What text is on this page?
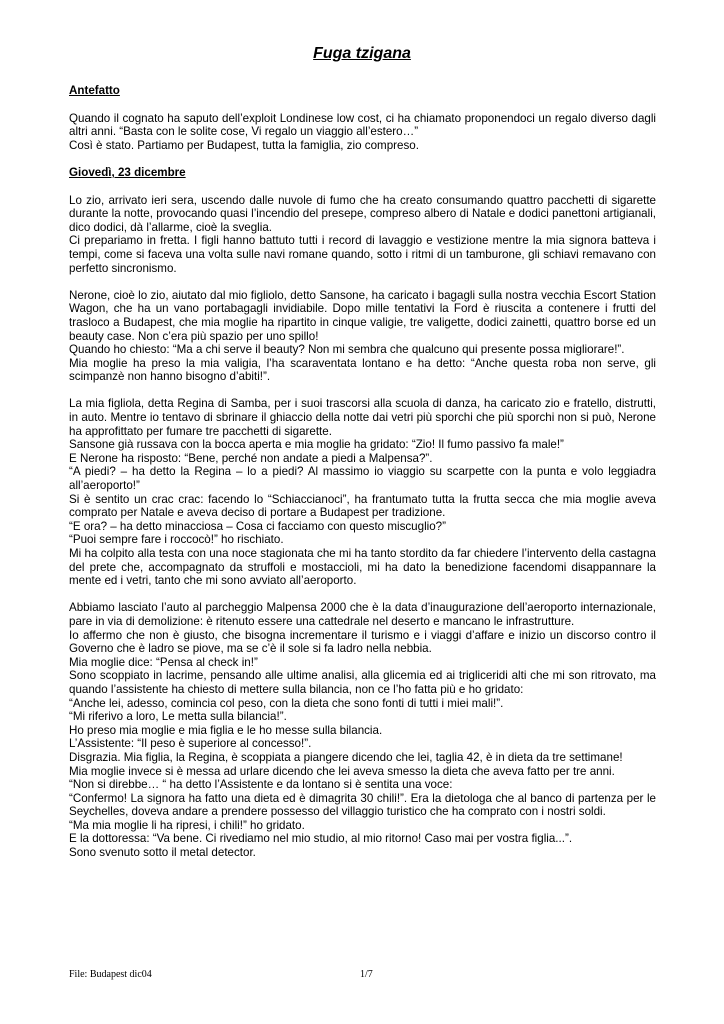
Fuga tzigana
Antefatto

Quando il cognato ha saputo dell’exploit Londinese low cost, ci ha chiamato proponendoci un regalo diverso dagli altri anni. “Basta con le solite cose, Vi regalo un viaggio all’estero…”

Così è stato. Partiamo per Budapest, tutta la famiglia, zio compreso.

Giovedì, 23 dicembre

Lo zio, arrivato ieri sera, uscendo dalle nuvole di fumo che ha creato consumando quattro pacchetti di sigarette durante la notte, provocando quasi l’incendio del presepe, compreso albero di Natale e dodici panettoni artigianali, dico dodici, dà l’allarme, cioè la sveglia.

Ci prepariamo in fretta. I figli hanno battuto tutti i record di lavaggio e vestizione mentre la mia signora batteva i tempi, come si faceva una volta sulle navi romane quando, sotto i ritmi di un tamburone, gli schiavi remavano con perfetto sincronismo.

Nerone, cioè lo zio, aiutato dal mio figliolo, detto Sansone, ha caricato i bagagli sulla nostra vecchia Escort Station Wagon, che ha un vano portabagagli invidiabile. Dopo mille tentativi la Ford è riuscita a contenere i frutti del trasloco a Budapest, che mia moglie ha ripartito in cinque valigie, tre valigette, dodici zainetti, quattro borse ed un beauty case. Non c’era più spazio per uno spillo!

Quando ho chiesto: “Ma a chi serve il beauty? Non mi sembra che qualcuno qui presente possa migliorare!”.

Mia moglie ha preso la mia valigia, l’ha scaraventata lontano e ha detto: “Anche questa roba non serve, gli scimpanzè non hanno bisogno d’abiti!”.

La mia figliola, detta Regina di Samba, per i suoi trascorsi alla scuola di danza, ha caricato zio e fratello, distrutti, in auto. Mentre io tentavo di sbrinare il ghiaccio della notte dai vetri più sporchi che più sporchi non si può, Nerone ha approfittato per fumare tre pacchetti di sigarette.

Sansone già russava con la bocca aperta e mia moglie ha gridato: “Zio! Il fumo passivo fa male!”

E Nerone ha risposto: “Bene, perché non andate a piedi a Malpensa?”.

“A piedi? – ha detto la Regina – lo a piedi? Al massimo io viaggio su scarpette con la punta e volo leggiadra all’aeroporto!”

Si è sentito un crac crac: facendo lo “Schiaccianoci”, ha frantumato tutta la frutta secca che mia moglie aveva comprato per Natale e aveva deciso di portare a Budapest per tradizione.

“E ora? – ha detto minacciosa – Cosa ci facciamo con questo miscuglio?”

“Puoi sempre fare i roccocò!” ho rischiato.

Mi ha colpito alla testa con una noce stagionata che mi ha tanto stordito da far chiedere l’intervento della castagna del prete che, accompagnato da struffoli e mostaccioli, mi ha dato la benedizione facendomi disappannare la mente ed i vetri, tanto che mi sono avviato all’aeroporto.

Abbiamo lasciato l’auto al parcheggio Malpensa 2000 che è la data d’inaugurazione dell’aeroporto internazionale, pare in via di demolizione: è ritenuto essere una cattedrale nel deserto e mancano le infrastrutture.

Io affermo che non è giusto, che bisogna incrementare il turismo e i viaggi d’affare e inizio un discorso contro il Governo che è ladro se piove, ma se c’è il sole si fa ladro nella nebbia.

Mia moglie dice: “Pensa al check in!”

Sono scoppiato in lacrime, pensando alle ultime analisi, alla glicemia ed ai trigliceridi alti che mi son ritrovato, ma quando l’assistente ha chiesto di mettere sulla bilancia, non ce l’ho fatta più e ho gridato:

“Anche lei, adesso, comincia col peso, con la dieta che sono fonti di tutti i miei mali!”.

“Mi riferivo a loro, Le metta sulla bilancia!”.

Ho preso mia moglie e mia figlia e le ho messe sulla bilancia.

L’Assistente: “Il peso è superiore al concesso!”.

Disgrazia. Mia figlia, la Regina, è scoppiata a piangere dicendo che lei, taglia 42, è in dieta da tre settimane!

Mia moglie invece si è messa ad urlare dicendo che lei aveva smesso la dieta che aveva fatto per tre anni.

“Non si direbbe… “ ha detto l’Assistente e da lontano si è sentita una voce:

“Confermo! La signora ha fatto una dieta ed è dimagrita 30 chili!”. Era la dietologa che al banco di partenza per le Seychelles, doveva andare a prendere possesso del villaggio turistico che ha comprato con i nostri soldi.

“Ma mia moglie li ha ripresi, i chili!” ho gridato.

E la dottoressa: “Va bene. Ci rivediamo nel mio studio, al mio ritorno! Caso mai per vostra figlia...”.

Sono svenuto sotto il metal detector.

File: Budapest dic04	1/7
